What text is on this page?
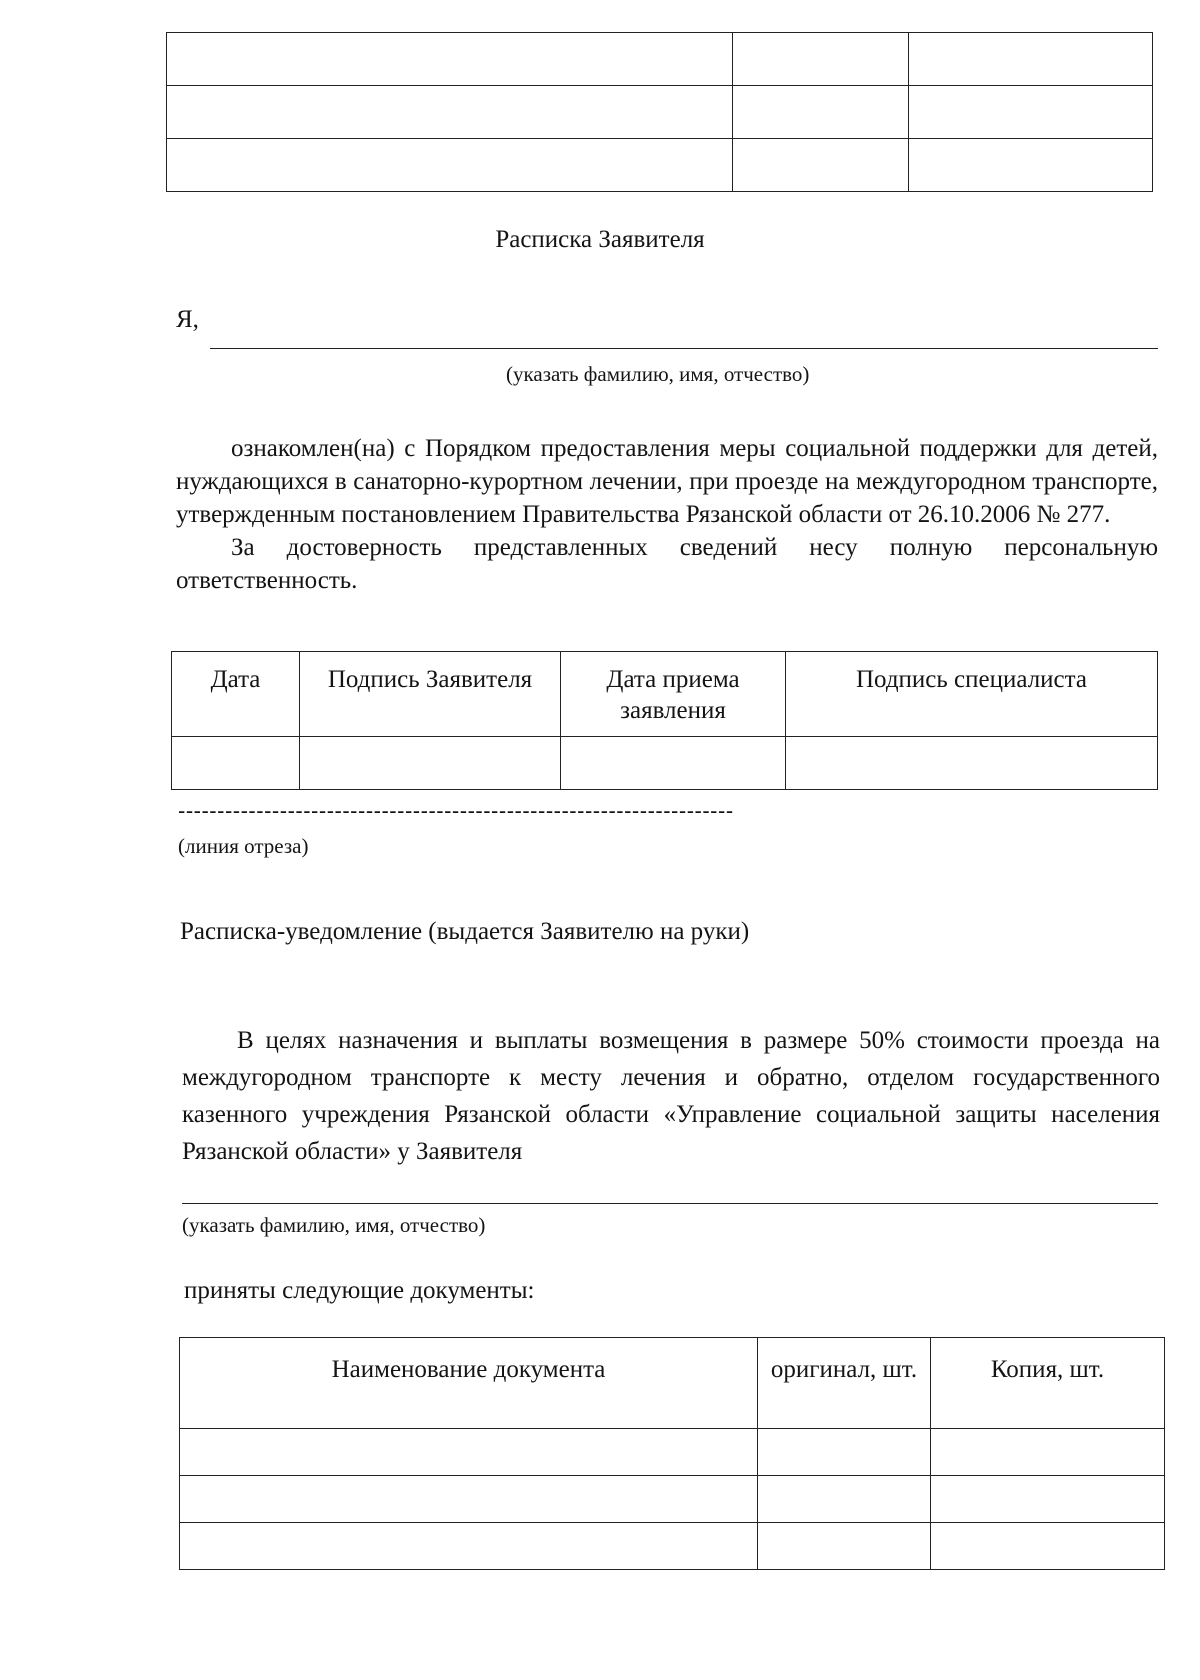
Расписка Заявителя
Я,
(указать фамилию, имя, отчество)

ознакомлен(на) с Порядком предоставления меры социальной поддержки для детей, нуждающихся в санаторно-курортном лечении, при проезде на междугородном транспорте, утвержденным постановлением Правительства Рязанской области от 26.10.2006 № 277.

За достоверность представленных сведений несу полную персональную ответственность.

Дата	Подпись Заявителя	Дата приема заявления	Подпись специалиста

-----------------------------------------------------------------------
(линия отреза)
Расписка-уведомление (выдается Заявителю на руки)
В целях назначения и выплаты возмещения в размере 50% стоимости проезда на междугородном транспорте к месту лечения и обратно, отделом государственного казенного учреждения Рязанской области «Управление социальной защиты населения Рязанской области» у Заявителя
(указать фамилию, имя, отчество)
приняты следующие документы:
Наименование документа	оригинал, шт.	Копия, шт.
